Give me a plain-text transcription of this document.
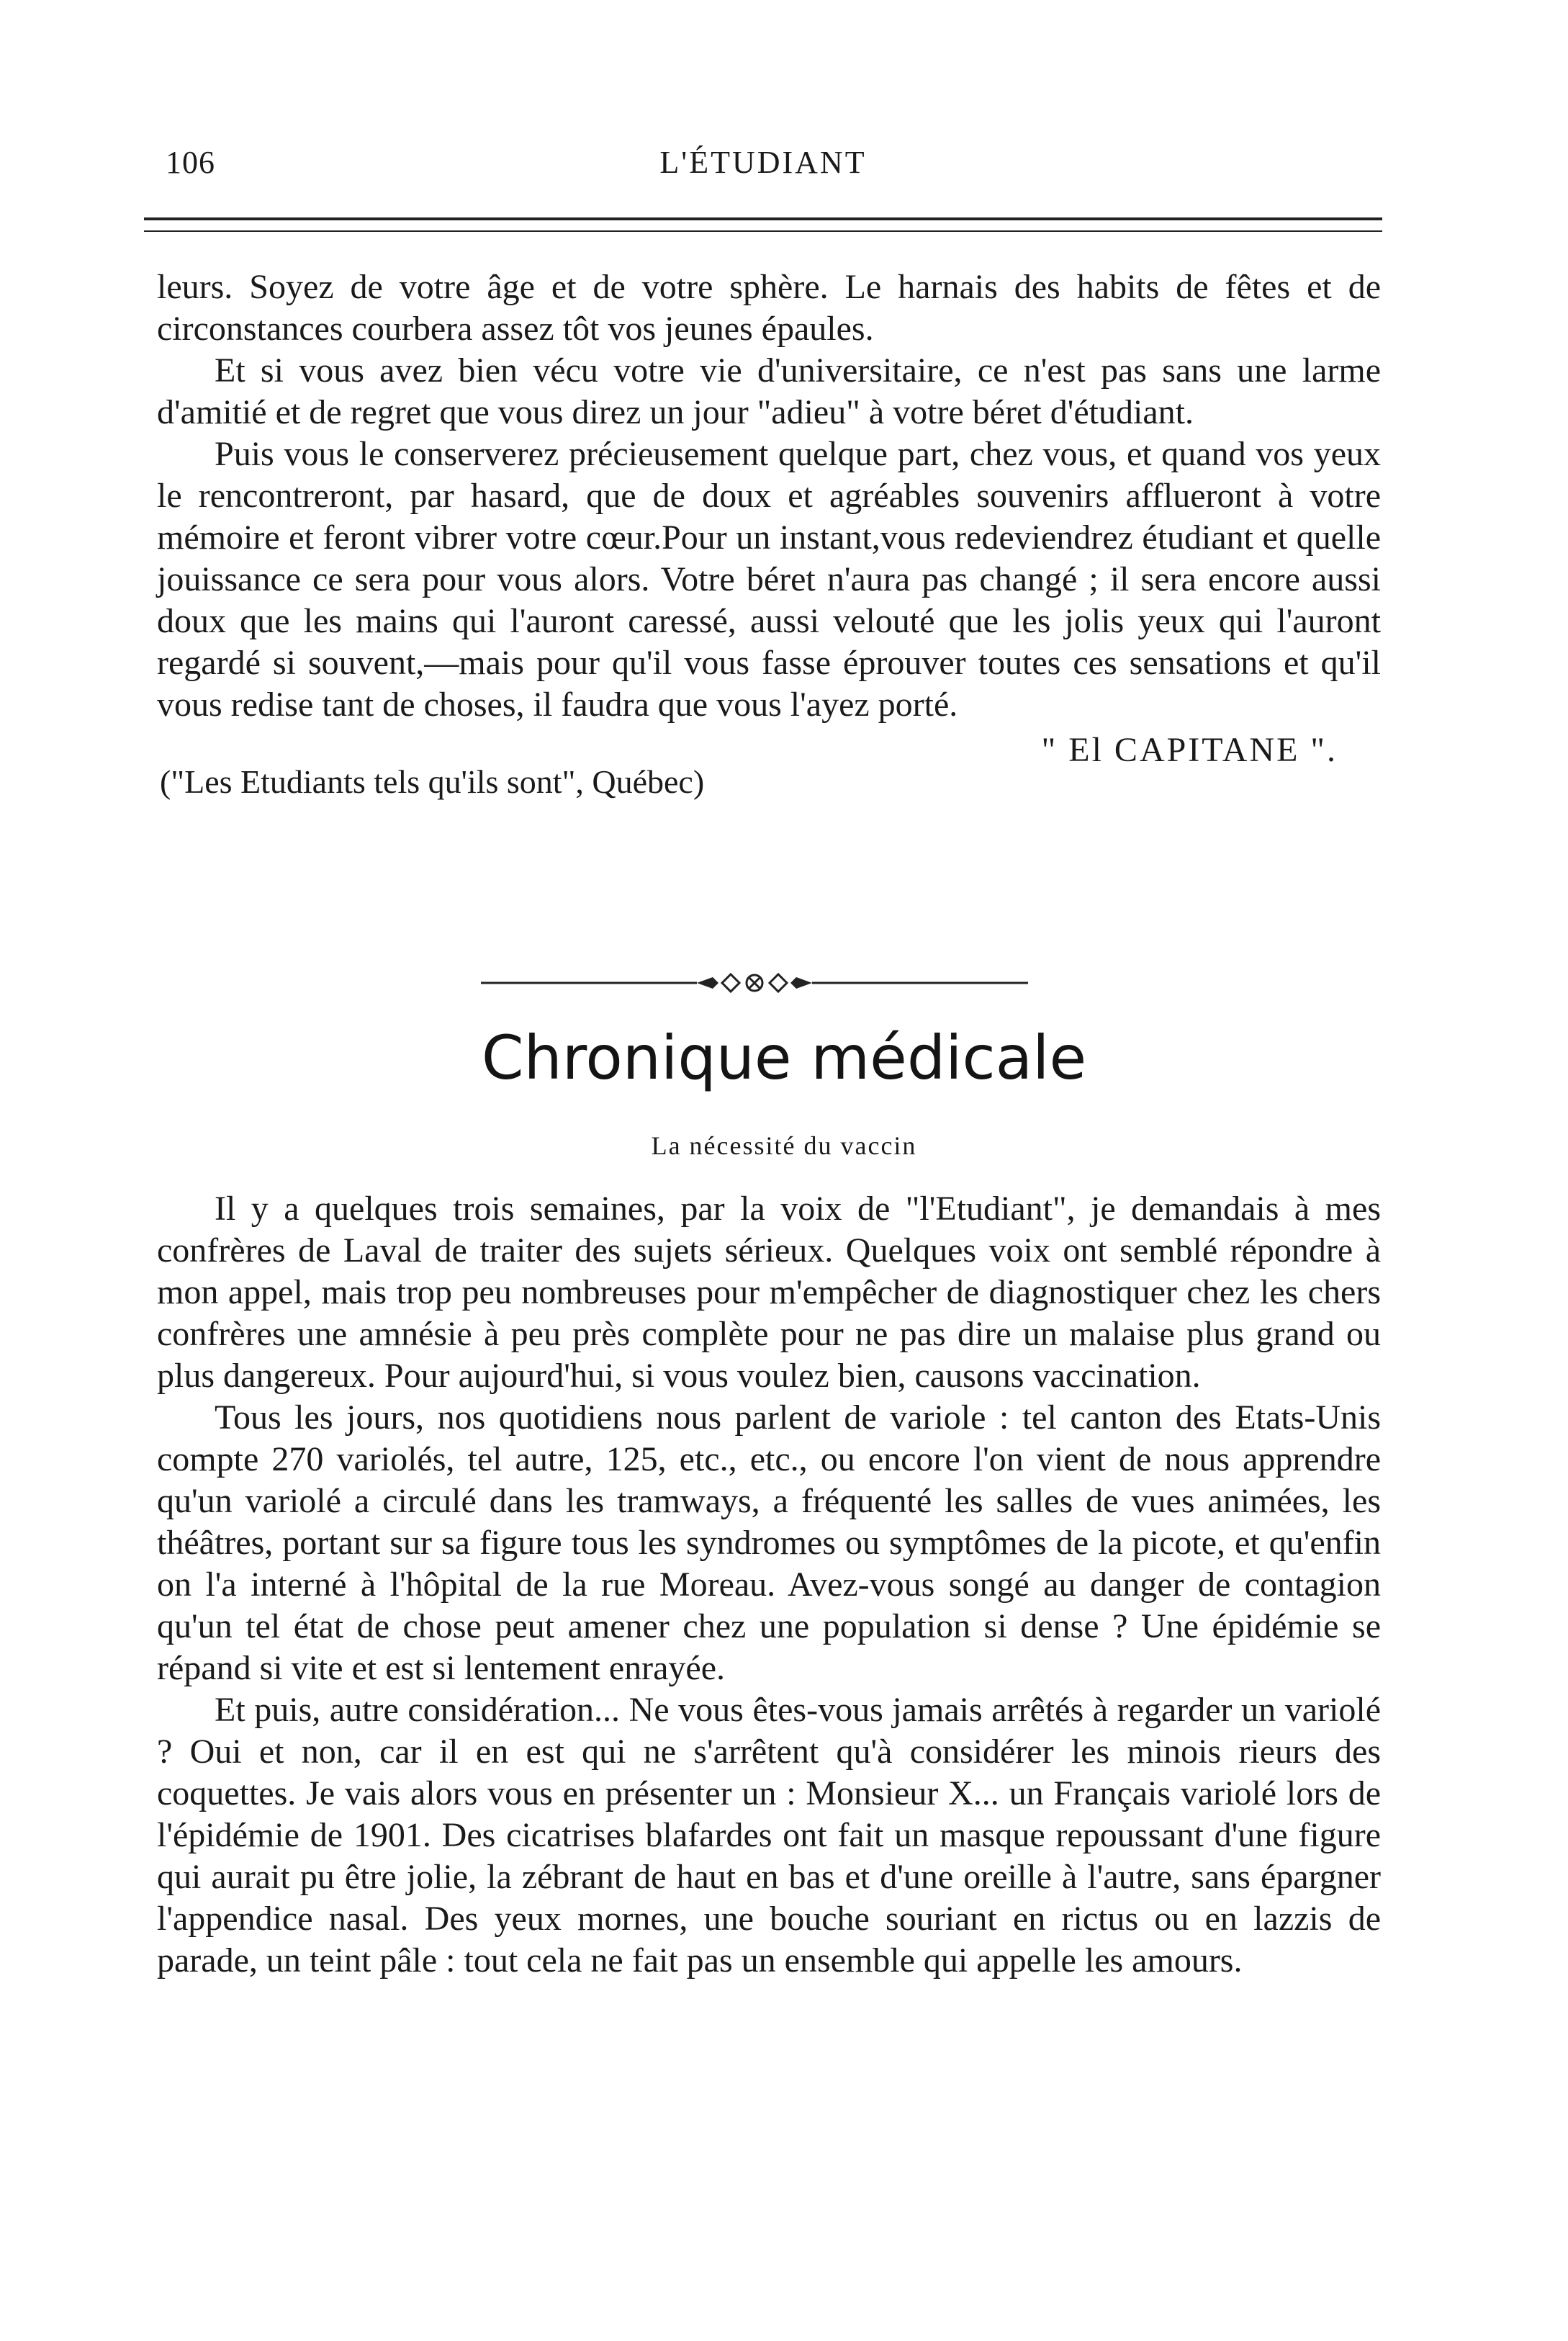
106	L'ÉTUDIANT

leurs. Soyez de votre âge et de votre sphère. Le harnais des habits de fêtes et de circonstances courbera assez tôt vos jeunes épaules.

Et si vous avez bien vécu votre vie d'universitaire, ce n'est pas sans une larme d'amitié et de regret que vous direz un jour "adieu" à votre béret d'étudiant.

Puis vous le conserverez précieusement quelque part, chez vous, et quand vos yeux le rencontreront, par hasard, que de doux et agréables souvenirs afflueront à votre mémoire et feront vibrer votre cœur.Pour un instant,vous redeviendrez étudiant et quelle jouissance ce sera pour vous alors. Votre béret n'aura pas changé ; il sera encore aussi doux que les mains qui l'auront caressé, aussi velouté que les jolis yeux qui l'auront regardé si souvent,—mais pour qu'il vous fasse éprouver toutes ces sensations et qu'il vous redise tant de choses, il faudra que vous l'ayez porté.

" El CAPITANE ".
("Les Etudiants tels qu'ils sont", Québec)
Chronique médicale
La nécessité du vaccin

Il y a quelques trois semaines, par la voix de "l'Etudiant", je demandais à mes confrères de Laval de traiter des sujets sérieux. Quelques voix ont semblé répondre à mon appel, mais trop peu nombreuses pour m'empêcher de diagnostiquer chez les chers confrères une amnésie à peu près complète pour ne pas dire un malaise plus grand ou plus dangereux. Pour aujourd'hui, si vous voulez bien, causons vaccination.

Tous les jours, nos quotidiens nous parlent de variole : tel canton des Etats-Unis compte 270 variolés, tel autre, 125, etc., etc., ou encore l'on vient de nous apprendre qu'un variolé a circulé dans les tramways, a fréquenté les salles de vues animées, les théâtres, portant sur sa figure tous les syndromes ou symptômes de la picote, et qu'enfin on l'a interné à l'hôpital de la rue Moreau. Avez-vous songé au danger de contagion qu'un tel état de chose peut amener chez une population si dense ? Une épidémie se répand si vite et est si lentement enrayée.

Et puis, autre considération... Ne vous êtes-vous jamais arrêtés à regarder un variolé ? Oui et non, car il en est qui ne s'arrêtent qu'à considérer les minois rieurs des coquettes. Je vais alors vous en présenter un : Monsieur X... un Français variolé lors de l'épidémie de 1901. Des cicatrises blafardes ont fait un masque repoussant d'une figure qui aurait pu être jolie, la zébrant de haut en bas et d'une oreille à l'autre, sans épargner l'appendice nasal. Des yeux mornes, une bouche souriant en rictus ou en lazzis de parade, un teint pâle : tout cela ne fait pas un ensemble qui appelle les amours.
